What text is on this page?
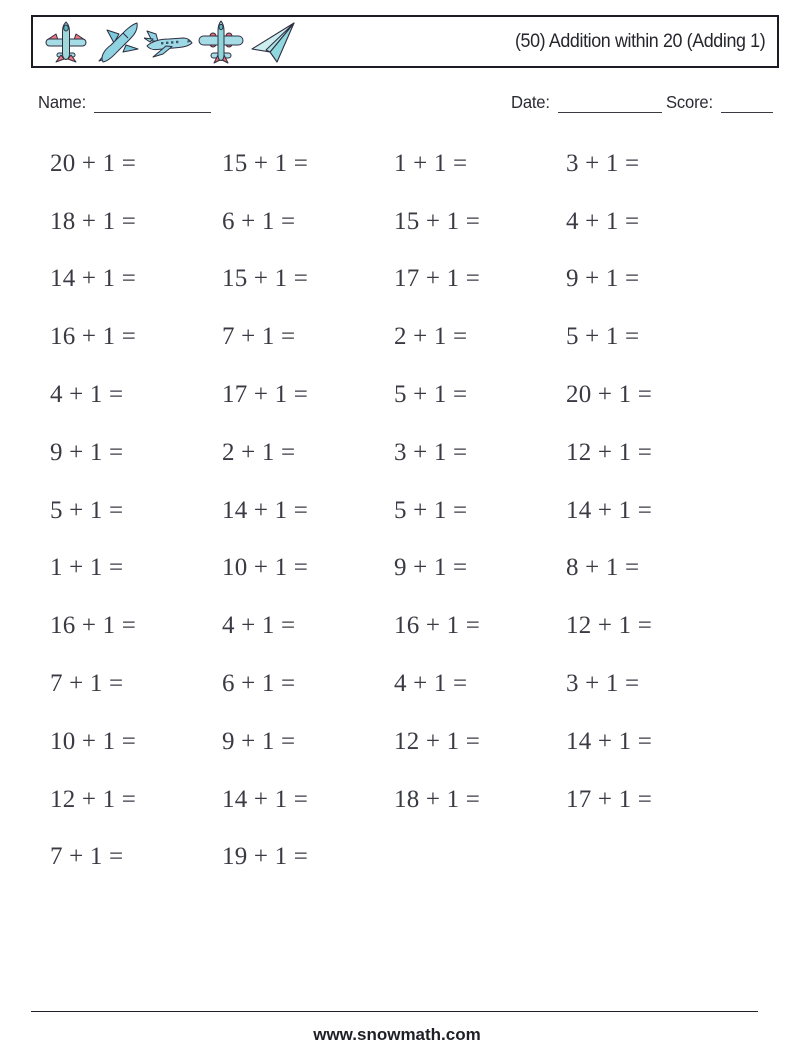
(50) Addition within 20 (Adding 1)
Name:	Date:	Score:
20 + 1 =	15 + 1 =	1 + 1 =	3 + 1 =
18 + 1 =	6 + 1 =	15 + 1 =	4 + 1 =
14 + 1 =	15 + 1 =	17 + 1 =	9 + 1 =
16 + 1 =	7 + 1 =	2 + 1 =	5 + 1 =
4 + 1 =	17 + 1 =	5 + 1 =	20 + 1 =
9 + 1 =	2 + 1 =	3 + 1 =	12 + 1 =
5 + 1 =	14 + 1 =	5 + 1 =	14 + 1 =
1 + 1 =	10 + 1 =	9 + 1 =	8 + 1 =
16 + 1 =	4 + 1 =	16 + 1 =	12 + 1 =
7 + 1 =	6 + 1 =	4 + 1 =	3 + 1 =
10 + 1 =	9 + 1 =	12 + 1 =	14 + 1 =
12 + 1 =	14 + 1 =	18 + 1 =	17 + 1 =
7 + 1 =	19 + 1 =
www.snowmath.com
